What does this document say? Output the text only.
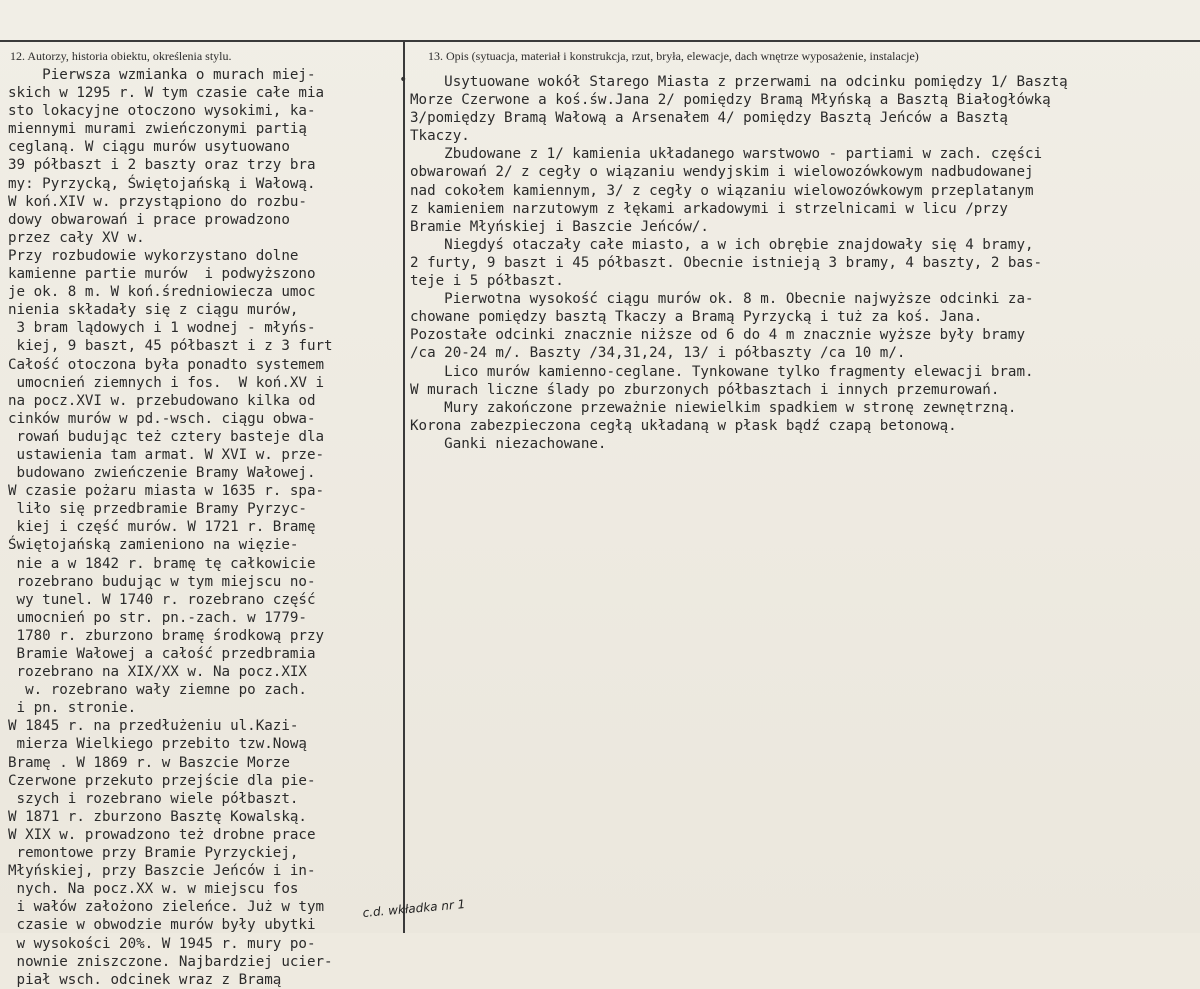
12. Autorzy, historia obiektu, określenia stylu.	13. Opis (sytuacja, materiał i konstrukcja, rzut, bryła, elewacje, dach wnętrze wyposażenie, instalacje)
Pierwsza wzmianka o murach miej-
skich w 1295 r. W tym czasie całe mia
sto lokacyjne otoczono wysokimi, ka-
miennymi murami zwieńczonymi partią
ceglaną. W ciągu murów usytuowano
39 półbaszt i 2 baszty oraz trzy bra
my: Pyrzycką, Świętojańską i Wałową.
W koń.XIV w. przystąpiono do rozbu-
dowy obwarowań i prace prowadzono
przez cały XV w.
Przy rozbudowie wykorzystano dolne
kamienne partie murów  i podwyższono
je ok. 8 m. W koń.średniowiecza umoc
nienia składały się z ciągu murów,
3 bram lądowych i 1 wodnej - młyńs-
kiej, 9 baszt, 45 półbaszt i z 3 furt
Całość otoczona była ponadto systemem
umocnień ziemnych i fos.  W koń.XV i
na pocz.XVI w. przebudowano kilka od
cinków murów w pd.-wsch. ciągu obwa-
rowań budując też cztery basteje dla
ustawienia tam armat. W XVI w. prze-
budowano zwieńczenie Bramy Wałowej.
W czasie pożaru miasta w 1635 r. spa-
liło się przedbramie Bramy Pyrzyc-
kiej i część murów. W 1721 r. Bramę
Świętojańską zamieniono na więzie-
nie a w 1842 r. bramę tę całkowicie
rozebrano budując w tym miejscu no-
wy tunel. W 1740 r. rozebrano część
umocnień po str. pn.-zach. w 1779-
1780 r. zburzono bramę środkową przy
Bramie Wałowej a całość przedbramia
rozebrano na XIX/XX w. Na pocz.XIX
w. rozebrano wały ziemne po zach.
i pn. stronie.
W 1845 r. na przedłużeniu ul.Kazi-
mierza Wielkiego przebito tzw.Nową
Bramę . W 1869 r. w Baszcie Morze
Czerwone przekuto przejście dla pie-
szych i rozebrano wiele półbaszt.
W 1871 r. zburzono Basztę Kowalską.
W XIX w. prowadzono też drobne prace
remontowe przy Bramie Pyrzyckiej,
Młyńskiej, przy Baszcie Jeńców i in-
nych. Na pocz.XX w. w miejscu fos
i wałów założono zieleńce. Już w tym
czasie w obwodzie murów były ubytki
w wysokości 20%. W 1945 r. mury po-
nownie zniszczone. Najbardziej ucier-
piał wsch. odcinek wraz z Bramą
•	Usytuowane wokół Starego Miasta z przerwami na odcinku pomiędzy 1/ Basztą
Morze Czerwone a koś.św.Jana 2/ pomiędzy Bramą Młyńską a Basztą Białogłówką
3/pomiędzy Bramą Wałową a Arsenałem 4/ pomiędzy Basztą Jeńców a Basztą
Tkaczy.
Zbudowane z 1/ kamienia układanego warstwowo - partiami w zach. części
obwarowań 2/ z cegły o wiązaniu wendyjskim i wielowozówkowym nadbudowanej
nad cokołem kamiennym, 3/ z cegły o wiązaniu wielowozówkowym przeplatanym
z kamieniem narzutowym z łękami arkadowymi i strzelnicami w licu /przy
Bramie Młyńskiej i Baszcie Jeńców/.
Niegdyś otaczały całe miasto, a w ich obrębie znajdowały się 4 bramy,
2 furty, 9 baszt i 45 półbaszt. Obecnie istnieją 3 bramy, 4 baszty, 2 bas-
teje i 5 półbaszt.
Pierwotna wysokość ciągu murów ok. 8 m. Obecnie najwyższe odcinki za-
chowane pomiędzy basztą Tkaczy a Bramą Pyrzycką i tuż za koś. Jana.
Pozostałe odcinki znacznie niższe od 6 do 4 m znacznie wyższe były bramy
/ca 20-24 m/. Baszty /34,31,24, 13/ i półbaszty /ca 10 m/.
Lico murów kamienno-ceglane. Tynkowane tylko fragmenty elewacji bram.
W murach liczne ślady po zburzonych półbasztach i innych przemurowań.
Mury zakończone przeważnie niewielkim spadkiem w stronę zewnętrzną.
Korona zabezpieczona cegłą układaną w płask bądź czapą betonową.
Ganki niezachowane.
c.d. wkładka nr 1
